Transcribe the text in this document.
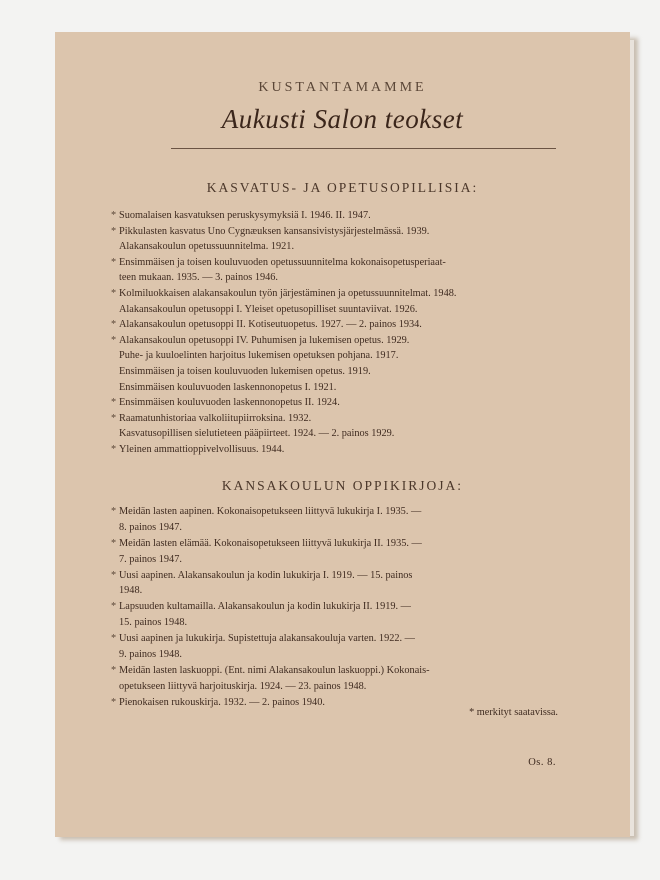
KUSTANTAMAMME
Aukusti Salon teokset
KASVATUS- JA OPETUSOPILLISIA:
* Suomalaisen kasvatuksen peruskysymyksiä I. 1946. II. 1947.
* Pikkulasten kasvatus Uno Cygnæuksen kansansivistysjärjestelmässä. 1939.
Alakansakoulun opetussuunnitelma. 1921.
* Ensimmäisen ja toisen kouluvuoden opetussuunnitelma kokonaisopetusperiaat-
teen mukaan. 1935. — 3. painos 1946.
* Kolmiluokkaisen alakansakoulun työn järjestäminen ja opetussuunnitelmat. 1948.
Alakansakoulun opetusoppi I. Yleiset opetusopilliset suuntaviivat. 1926.
* Alakansakoulun opetusoppi II. Kotiseutuopetus. 1927. — 2. painos 1934.
* Alakansakoulun opetusoppi IV. Puhumisen ja lukemisen opetus. 1929.
Puhe- ja kuulоelinten harjoitus lukemisen opetuksen pohjana. 1917.
Ensimmäisen ja toisen kouluvuoden lukemisen opetus. 1919.
Ensimmäisen kouluvuoden laskennonopetus I. 1921.
* Ensimmäisen kouluvuoden laskennonopetus II. 1924.
* Raamatunhistoriaa valkoliitupiirroksina. 1932.
Kasvatusopillisen sielutieteen pääpiirteet. 1924. — 2. painos 1929.
* Yleinen ammattioppivelvollisuus. 1944.
KANSAKOULUN OPPIKIRJOJA:
* Meidän lasten aapinen. Kokonaisopetukseen liittyvä lukukirja I. 1935. —
8. painos 1947.
* Meidän lasten elämää. Kokonaisopetukseen liittyvä lukukirja II. 1935. —
7. painos 1947.
* Uusi aapinen. Alakansakoulun ja kodin lukukirja I. 1919. — 15. painos
1948.
* Lapsuuden kultamailla. Alakansakoulun ja kodin lukukirja II. 1919. —
15. painos 1948.
* Uusi aapinen ja lukukirja. Supistettuja alakansakouluja varten. 1922. —
9. painos 1948.
* Meidän lasten laskuoppi. (Ent. nimi Alakansakoulun laskuoppi.) Kokonais-
opetukseen liittyvä harjoituskirja. 1924. — 23. painos 1948.
* Pienokaisen rukouskirja. 1932. — 2. painos 1940.
* merkityt saatavissa.
Os. 8.
